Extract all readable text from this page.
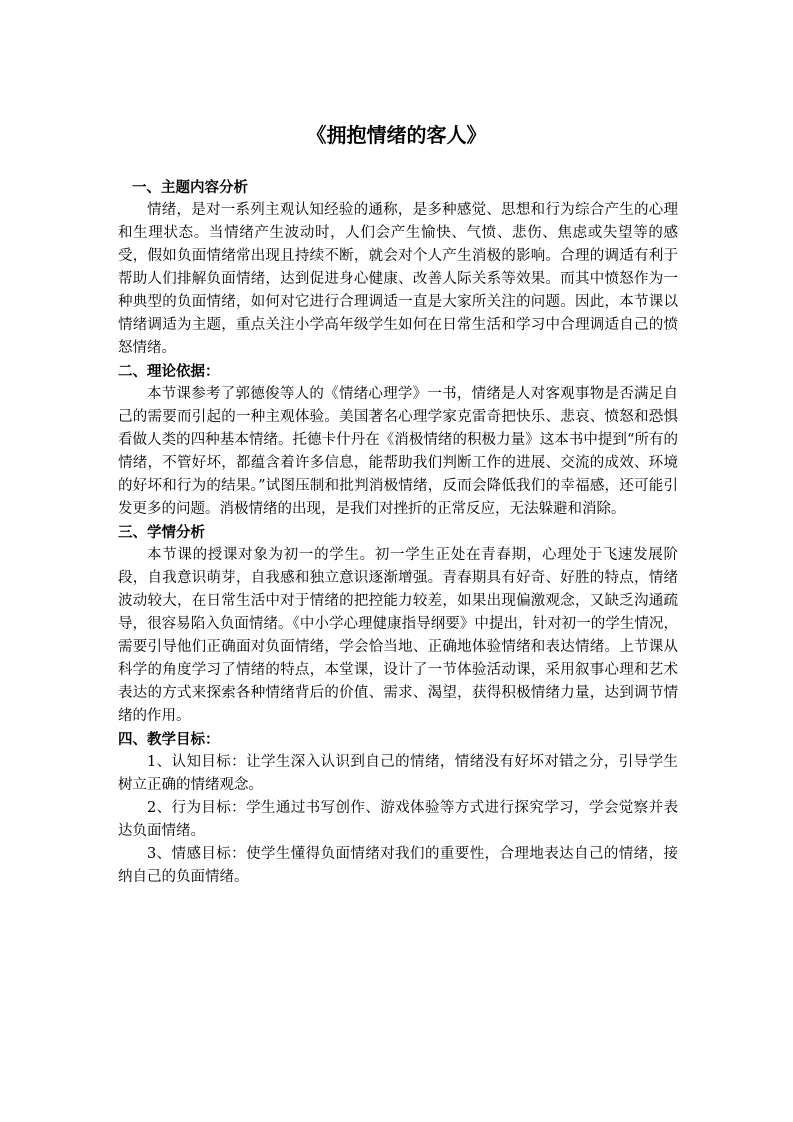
《拥抱情绪的客人》

一、主题内容分析

情绪，是对一系列主观认知经验的通称，是多种感觉、思想和行为综合产生的心理和生理状态。当情绪产生波动时，人们会产生愉快、气愤、悲伤、焦虑或失望等的感受，假如负面情绪常出现且持续不断，就会对个人产生消极的影响。合理的调适有利于帮助人们排解负面情绪，达到促进身心健康、改善人际关系等效果。而其中愤怒作为一种典型的负面情绪，如何对它进行合理调适一直是大家所关注的问题。因此，本节课以情绪调适为主题，重点关注小学高年级学生如何在日常生活和学习中合理调适自己的愤怒情绪。

二、理论依据：

本节课参考了郭德俊等人的《情绪心理学》一书，情绪是人对客观事物是否满足自己的需要而引起的一种主观体验。美国著名心理学家克雷奇把快乐、悲哀、愤怒和恐惧看做人类的四种基本情绪。托德卡什丹在《消极情绪的积极力量》这本书中提到“所有的情绪，不管好坏，都蕴含着许多信息，能帮助我们判断工作的进展、交流的成效、环境的好坏和行为的结果。”试图压制和批判消极情绪，反而会降低我们的幸福感，还可能引发更多的问题。消极情绪的出现，是我们对挫折的正常反应，无法躲避和消除。

三、学情分析

本节课的授课对象为初一的学生。初一学生正处在青春期，心理处于飞速发展阶段，自我意识萌芽，自我感和独立意识逐渐增强。青春期具有好奇、好胜的特点，情绪波动较大，在日常生活中对于情绪的把控能力较差，如果出现偏激观念，又缺乏沟通疏导，很容易陷入负面情绪。《中小学心理健康指导纲要》中提出，针对初一的学生情况，需要引导他们正确面对负面情绪，学会恰当地、正确地体验情绪和表达情绪。上节课从科学的角度学习了情绪的特点，本堂课，设计了一节体验活动课，采用叙事心理和艺术表达的方式来探索各种情绪背后的价值、需求、渴望，获得积极情绪力量，达到调节情绪的作用。

四、教学目标：

1、认知目标：让学生深入认识到自己的情绪，情绪没有好坏对错之分，引导学生树立正确的情绪观念。

2、行为目标：学生通过书写创作、游戏体验等方式进行探究学习，学会觉察并表达负面情绪。

3、情感目标：使学生懂得负面情绪对我们的重要性，合理地表达自己的情绪，接纳自己的负面情绪。
